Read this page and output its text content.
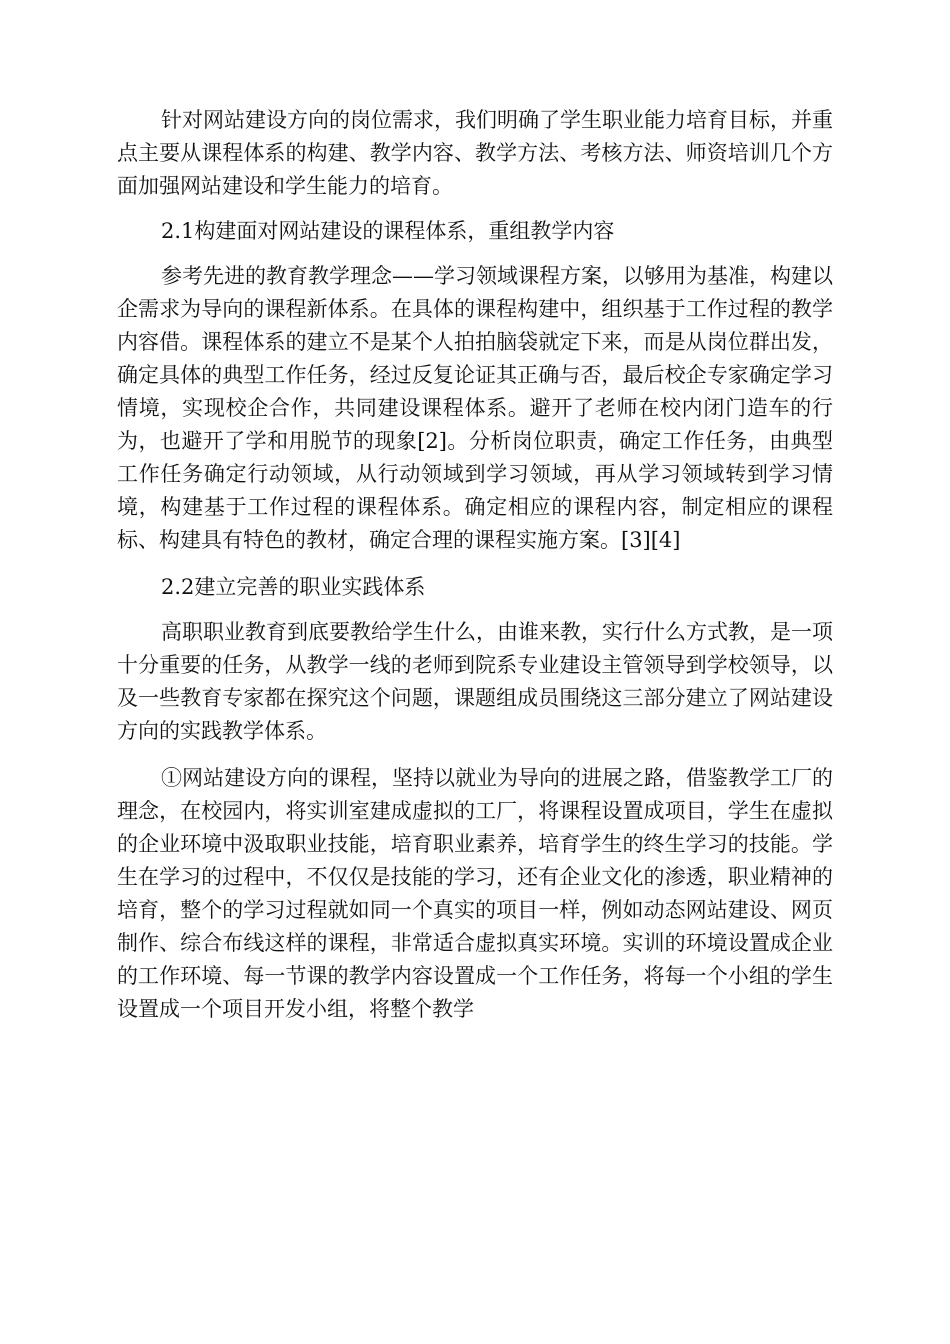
针对网站建设方向的岗位需求，我们明确了学生职业能力培育目标，并重点主要从课程体系的构建、教学内容、教学方法、考核方法、师资培训几个方面加强网站建设和学生能力的培育。

2.1构建面对网站建设的课程体系，重组教学内容

参考先进的教育教学理念——学习领域课程方案，以够用为基准，构建以企需求为导向的课程新体系。在具体的课程构建中，组织基于工作过程的教学内容借。课程体系的建立不是某个人拍拍脑袋就定下来，而是从岗位群出发，确定具体的典型工作任务，经过反复论证其正确与否，最后校企专家确定学习情境，实现校企合作，共同建设课程体系。避开了老师在校内闭门造车的行为，也避开了学和用脱节的现象[2]。分析岗位职责，确定工作任务，由典型工作任务确定行动领域，从行动领域到学习领域，再从学习领域转到学习情境，构建基于工作过程的课程体系。确定相应的课程内容，制定相应的课程标、构建具有特色的教材，确定合理的课程实施方案。[3][4]

2.2建立完善的职业实践体系

高职职业教育到底要教给学生什么，由谁来教，实行什么方式教，是一项十分重要的任务，从教学一线的老师到院系专业建设主管领导到学校领导，以及一些教育专家都在探究这个问题，课题组成员围绕这三部分建立了网站建设方向的实践教学体系。

①网站建设方向的课程，坚持以就业为导向的进展之路，借鉴教学工厂的理念，在校园内，将实训室建成虚拟的工厂，将课程设置成项目，学生在虚拟的企业环境中汲取职业技能，培育职业素养，培育学生的终生学习的技能。学生在学习的过程中，不仅仅是技能的学习，还有企业文化的渗透，职业精神的培育，整个的学习过程就如同一个真实的项目一样，例如动态网站建设、网页制作、综合布线这样的课程，非常适合虚拟真实环境。实训的环境设置成企业的工作环境、每一节课的教学内容设置成一个工作任务，将每一个小组的学生设置成一个项目开发小组，将整个教学
